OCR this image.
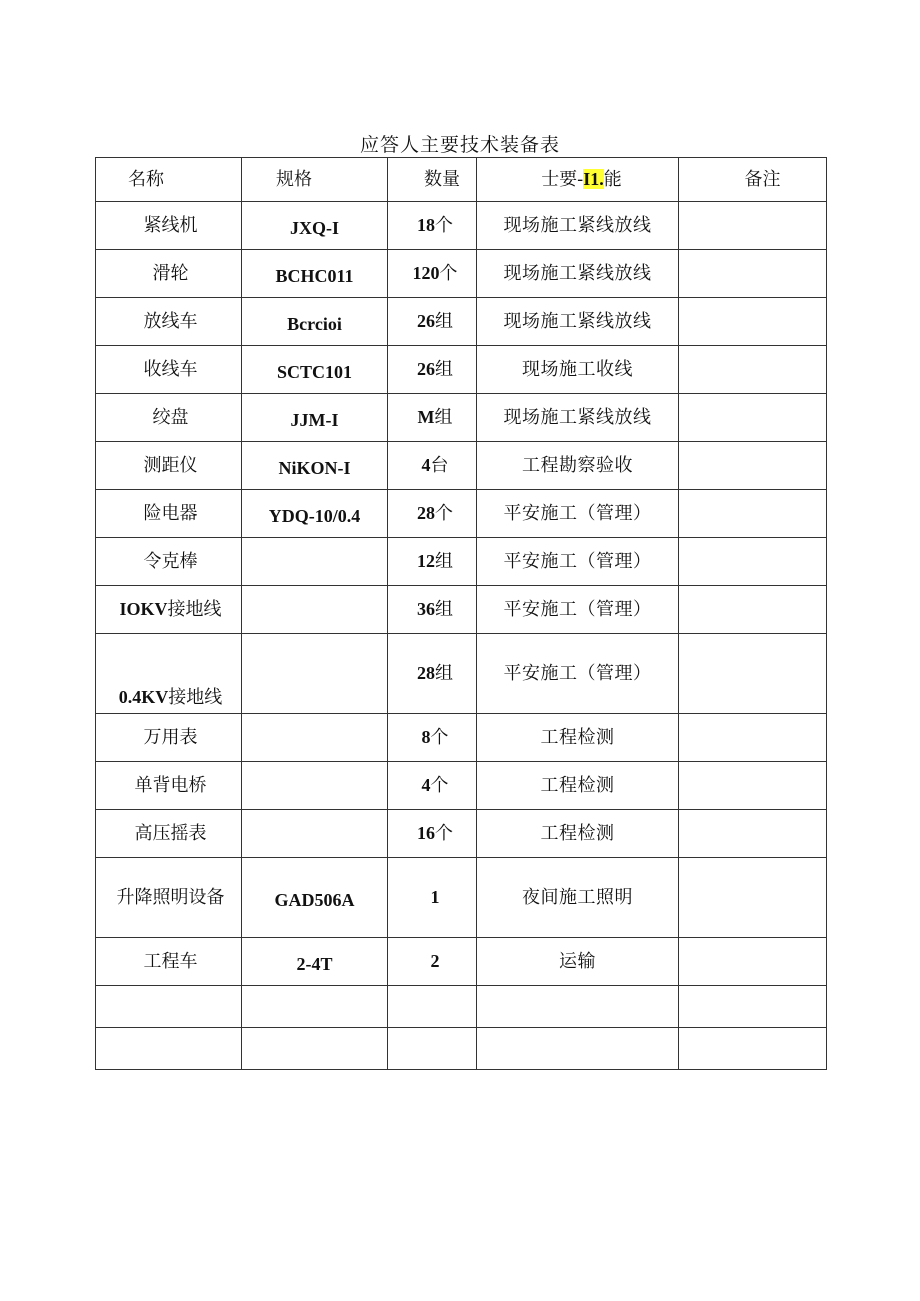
应答人主要技术装备表
名称	规格	数量	士要-I1.能	备注
紧线机	JXQ-I	18个	现场施工紧线放线	
滑轮	BCHC011	120个	现场施工紧线放线	
放线车	Bcrcioi	26组	现场施工紧线放线	
收线车	SCTC101	26组	现场施工收线	
绞盘	JJM-I	M组	现场施工紧线放线	
测距仪	NiKON-I	4台	工程勘察验收	
险电器	YDQ-10/0.4	28个	平安施工（管理）	
令克棒		12组	平安施工（管理）	
IOKV接地线		36组	平安施工（管理）	
0.4KV接地线		28组	平安施工（管理）	
万用表		8个	工程检测	
单背电桥		4个	工程检测	
高压摇表		16个	工程检测	
升降照明设备	GAD506A	1	夜间施工照明	
工程车	2-4T	2	运输	
